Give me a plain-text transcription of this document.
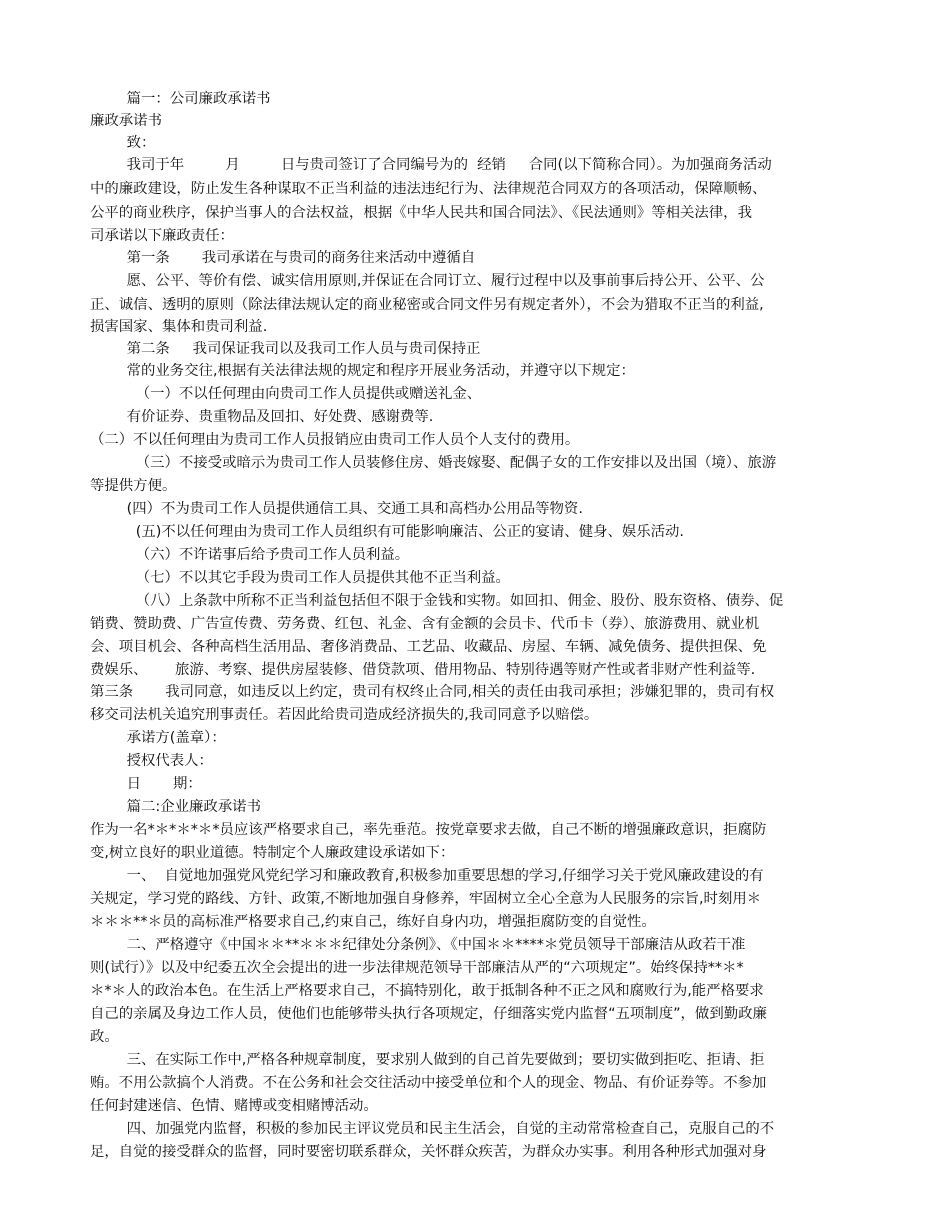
篇一：公司廉政承诺书
廉政承诺书
致：
我司于年         月         日与贵司签订了合同编号为的  经销     合同(以下简称合同）。为加强商务活动
中的廉政建设，防止发生各种谋取不正当利益的违法违纪行为、法律规范合同双方的各项活动，保障顺畅、
公平的商业秩序，保护当事人的合法权益，根据《中华人民共和国合同法》、《民法通则》等相关法律，我
司承诺以下廉政责任：
第一条       我司承诺在与贵司的商务往来活动中遵循自
愿、公平、等价有偿、诚实信用原则,并保证在合同订立、履行过程中以及事前事后持公开、公平、公
正、诚信、透明的原则（除法律法规认定的商业秘密或合同文件另有规定者外），不会为猎取不正当的利益,
损害国家、集体和贵司利益.
第二条     我司保证我司以及我司工作人员与贵司保持正
常的业务交往,根据有关法律法规的规定和程序开展业务活动，并遵守以下规定：
（一）不以任何理由向贵司工作人员提供或赠送礼金、
有价证券、贵重物品及回扣、好处费、感谢费等.
（二）不以任何理由为贵司工作人员报销应由贵司工作人员个人支付的费用。
（三）不接受或暗示为贵司工作人员装修住房、婚丧嫁娶、配偶子女的工作安排以及出国（境）、旅游
等提供方便。
(四）不为贵司工作人员提供通信工具、交通工具和高档办公用品等物资.
(五)不以任何理由为贵司工作人员组织有可能影响廉洁、公正的宴请、健身、娱乐活动.
（六）不许诺事后给予贵司工作人员利益。
（七）不以其它手段为贵司工作人员提供其他不正当利益。
（八）上条款中所称不正当利益包括但不限于金钱和实物。如回扣、佣金、股份、股东资格、债券、促
销费、赞助费、广告宣传费、劳务费、红包、礼金、含有金额的会员卡、代币卡（券）、旅游费用、就业机
会、项目机会、各种高档生活用品、奢侈消费品、工艺品、收藏品、房屋、车辆、减免债务、提供担保、免
费娱乐、      旅游、考察、提供房屋装修、借贷款项、借用物品、特别待遇等财产性或者非财产性利益等.
第三条       我司同意，如违反以上约定，贵司有权终止合同,相关的责任由我司承担；涉嫌犯罪的，贵司有权
移交司法机关追究刑事责任。若因此给贵司造成经济损失的,我司同意予以赔偿。
承诺方(盖章）：
授权代表人：
日       期：
篇二:企业廉政承诺书
作为一名*＊*＊*＊*员应该严格要求自己，率先垂范。按党章要求去做，自己不断的增强廉政意识，拒腐防
变,树立良好的职业道德。特制定个人廉政建设承诺如下：
一、  自觉地加强党风党纪学习和廉政教育,积极参加重要思想的学习,仔细学习关于党风廉政建设的有
关规定，学习党的路线、方针、政策,不断地加强自身修养，牢固树立全心全意为人民服务的宗旨,时刻用＊
＊＊＊**＊员的高标准严格要求自己,约束自己，练好自身内功，增强拒腐防变的自觉性。
二、严格遵守《中国＊＊**＊＊＊纪律处分条例》、《中国＊＊****＊党员领导干部廉洁从政若干准
则(试行）》以及中纪委五次全会提出的进一步法律规范领导干部廉洁从严的“六项规定”。始终保持**＊*
＊*＊人的政治本色。在生活上严格要求自己，不搞特别化，敢于抵制各种不正之风和腐败行为,能严格要求
自己的亲属及身边工作人员，使他们也能够带头执行各项规定，仔细落实党内监督“五项制度”，做到勤政廉
政。
三、在实际工作中,严格各种规章制度，要求别人做到的自己首先要做到；要切实做到拒吃、拒请、拒
贿。不用公款搞个人消费。不在公务和社会交往活动中接受单位和个人的现金、物品、有价证券等。不参加
任何封建迷信、色情、赌博或变相赌博活动。
四、加强党内监督，积极的参加民主评议党员和民主生活会，自觉的主动常常检查自己，克服自己的不
足，自觉的接受群众的监督，同时要密切联系群众，关怀群众疾苦，为群众办实事。利用各种形式加强对身
